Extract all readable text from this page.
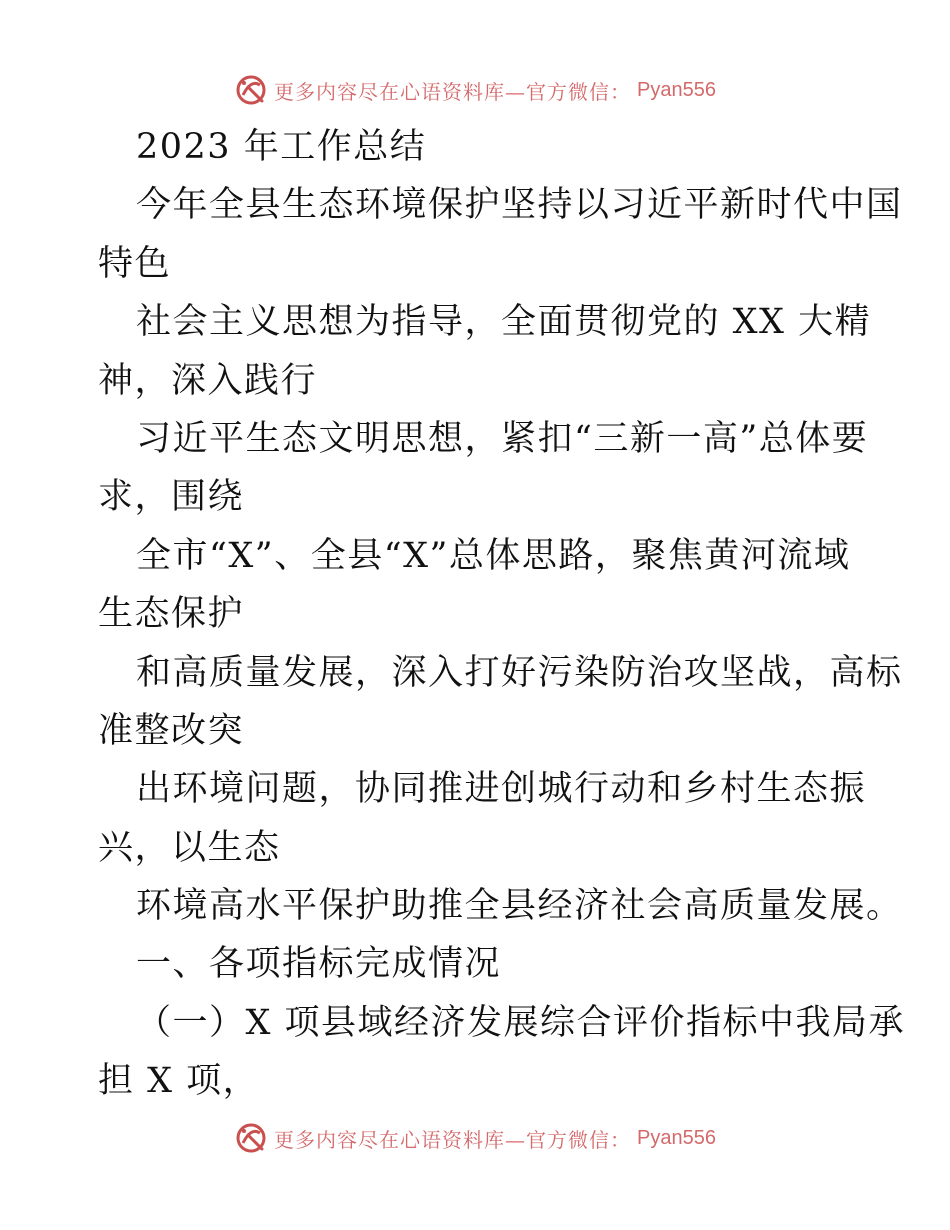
更多内容尽在心语资料库—官方微信： Pyan556
2023 年工作总结
今年全县生态环境保护坚持以习近平新时代中国
特色
社会主义思想为指导，全面贯彻党的 XX 大精
神，深入践行
习近平生态文明思想，紧扣“三新一高”总体要
求，围绕
全市“X”、全县“X”总体思路，聚焦黄河流域
生态保护
和高质量发展，深入打好污染防治攻坚战，高标
准整改突
出环境问题，协同推进创城行动和乡村生态振
兴，以生态
环境高水平保护助推全县经济社会高质量发展。
一、各项指标完成情况
（一）X 项县域经济发展综合评价指标中我局承
担 X 项，
更多内容尽在心语资料库—官方微信： Pyan556
